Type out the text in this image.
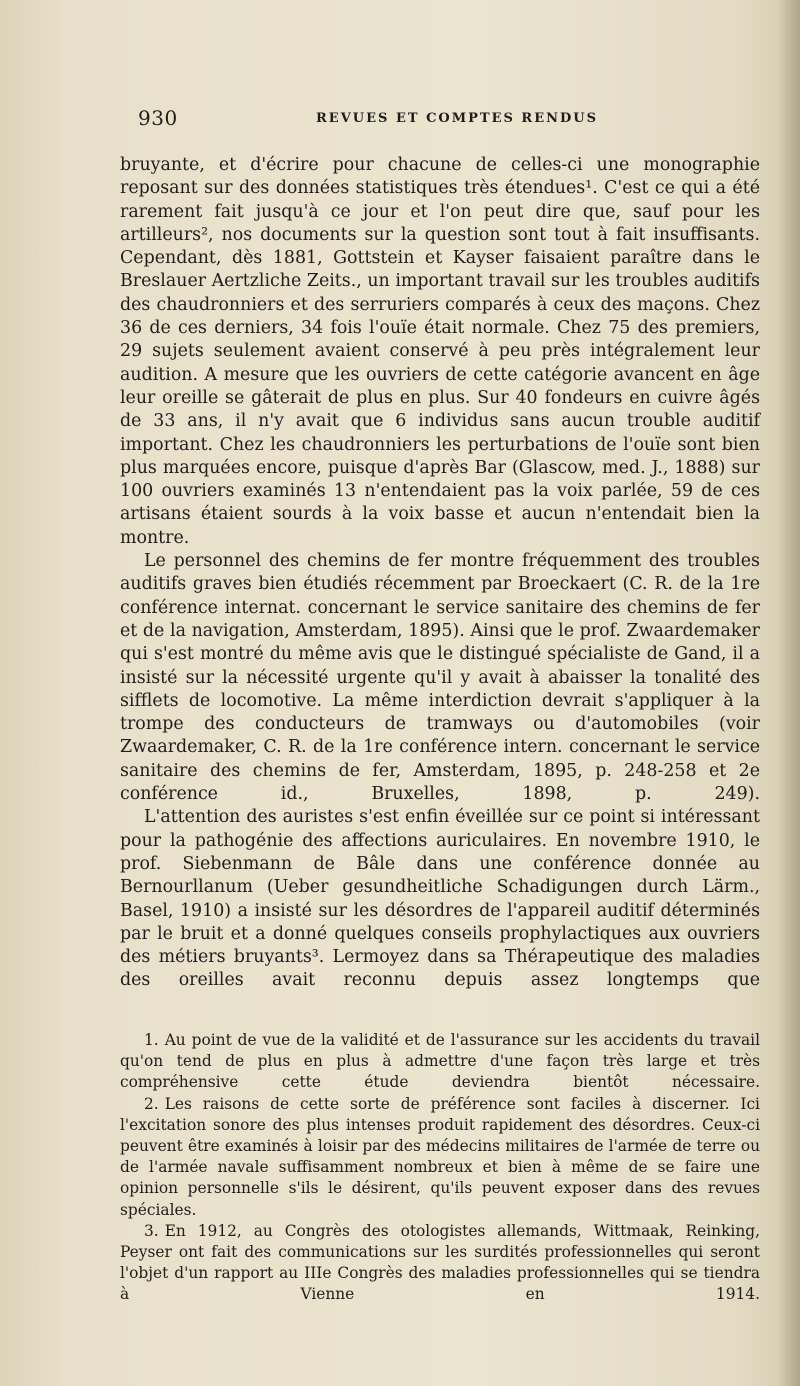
930	REVUES ET COMPTES RENDUS

bruyante, et d'écrire pour chacune de celles-ci une monographie reposant sur des données statistiques très étendues¹. C'est ce qui a été rarement fait jusqu'à ce jour et l'on peut dire que, sauf pour les artilleurs², nos documents sur la question sont tout à fait insuffisants. Cependant, dès 1881, Gottstein et Kayser faisaient paraître dans le Breslauer Aertzliche Zeits., un important travail sur les troubles auditifs des chaudronniers et des serruriers comparés à ceux des maçons. Chez 36 de ces derniers, 34 fois l'ouïe était normale. Chez 75 des premiers, 29 sujets seulement avaient conservé à peu près intégralement leur audition. A mesure que les ouvriers de cette catégorie avancent en âge leur oreille se gâterait de plus en plus. Sur 40 fondeurs en cuivre âgés de 33 ans, il n'y avait que 6 individus sans aucun trouble auditif important. Chez les chaudronniers les perturbations de l'ouïe sont bien plus marquées encore, puisque d'après Bar (Glascow, med. J., 1888) sur 100 ouvriers examinés 13 n'entendaient pas la voix parlée, 59 de ces artisans étaient sourds à la voix basse et aucun n'entendait bien la montre.

Le personnel des chemins de fer montre fréquemment des troubles auditifs graves bien étudiés récemment par Broeckaert (C. R. de la 1re conférence internat. concernant le service sanitaire des chemins de fer et de la navigation, Amsterdam, 1895). Ainsi que le prof. Zwaardemaker qui s'est montré du même avis que le distingué spécialiste de Gand, il a insisté sur la nécessité urgente qu'il y avait à abaisser la tonalité des sifflets de locomotive. La même interdiction devrait s'appliquer à la trompe des conducteurs de tramways ou d'automobiles (voir Zwaardemaker, C. R. de la 1re conférence intern. concernant le service sanitaire des chemins de fer, Amsterdam, 1895, p. 248-258 et 2e conférence id., Bruxelles, 1898, p. 249).

L'attention des auristes s'est enfin éveillée sur ce point si intéressant pour la pathogénie des affections auriculaires. En novembre 1910, le prof. Siebenmann de Bâle dans une conférence donnée au Bernourllanum (Ueber gesundheitliche Schadigungen durch Lärm., Basel, 1910) a insisté sur les désordres de l'appareil auditif déterminés par le bruit et a donné quelques conseils prophylactiques aux ouvriers des métiers bruyants³. Lermoyez dans sa Thérapeutique des maladies des oreilles avait reconnu depuis assez longtemps que

1. Au point de vue de la validité et de l'assurance sur les accidents du travail qu'on tend de plus en plus à admettre d'une façon très large et très compréhensive cette étude deviendra bientôt nécessaire.

2. Les raisons de cette sorte de préférence sont faciles à discerner. Ici l'excitation sonore des plus intenses produit rapidement des désordres. Ceux-ci peuvent être examinés à loisir par des médecins militaires de l'armée de terre ou de l'armée navale suffisamment nombreux et bien à même de se faire une opinion personnelle s'ils le désirent, qu'ils peuvent exposer dans des revues spéciales.

3. En 1912, au Congrès des otologistes allemands, Wittmaak, Reinking, Peyser ont fait des communications sur les surdités professionnelles qui seront l'objet d'un rapport au IIIe Congrès des maladies professionnelles qui se tiendra à Vienne en 1914.
